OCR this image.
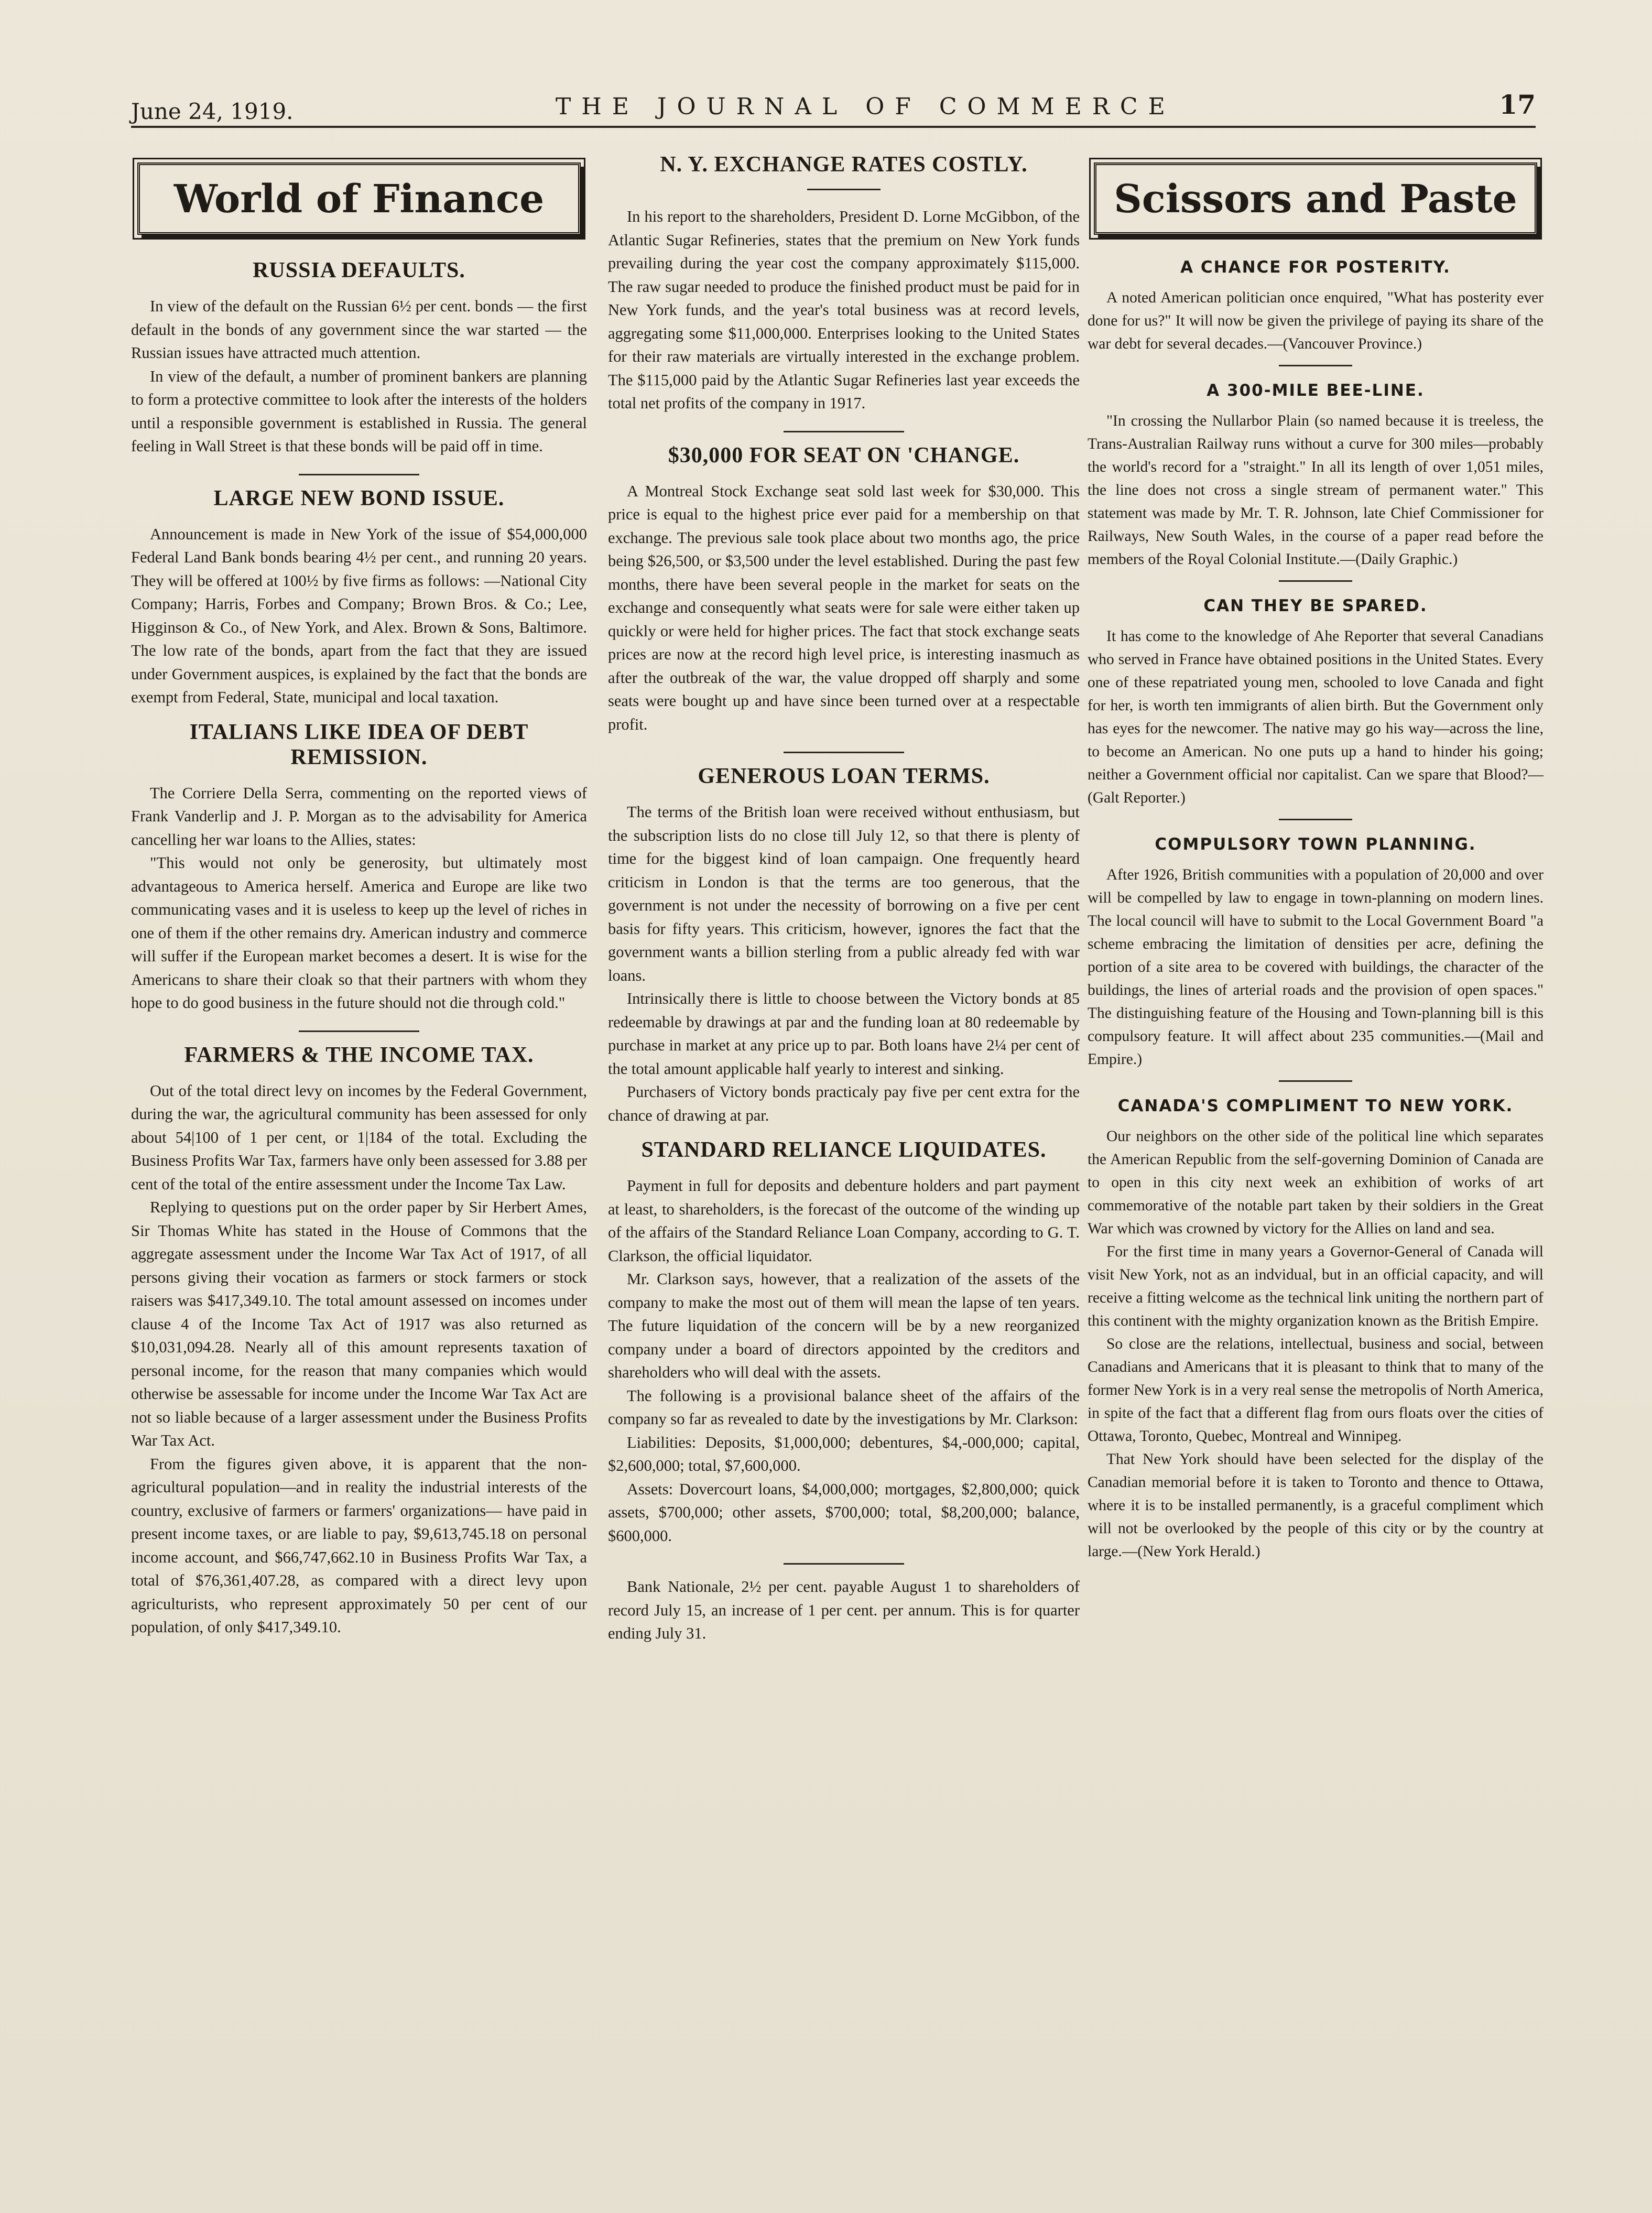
June 24, 1919.	THE JOURNAL OF COMMERCE	17
World of Finance
RUSSIA DEFAULTS.

In view of the default on the Russian 6½ per cent. bonds — the first default in the bonds of any government since the war started — the Russian issues have attracted much attention.

In view of the default, a number of prominent bankers are planning to form a protective committee to look after the interests of the holders until a responsible government is established in Russia. The general feeling in Wall Street is that these bonds will be paid off in time.

LARGE NEW BOND ISSUE.

Announcement is made in New York of the issue of $54,000,000 Federal Land Bank bonds bearing 4½ per cent., and running 20 years. They will be offered at 100½ by five firms as follows: —National City Company; Harris, Forbes and Company; Brown Bros. & Co.; Lee, Higginson & Co., of New York, and Alex. Brown & Sons, Baltimore. The low rate of the bonds, apart from the fact that they are issued under Government auspices, is explained by the fact that the bonds are exempt from Federal, State, municipal and local taxation.

ITALIANS LIKE IDEA OF DEBT REMISSION.

The Corriere Della Serra, commenting on the reported views of Frank Vanderlip and J. P. Morgan as to the advisability for America cancelling her war loans to the Allies, states:

"This would not only be generosity, but ultimately most advantageous to America herself. America and Europe are like two communicating vases and it is useless to keep up the level of riches in one of them if the other remains dry. American industry and commerce will suffer if the European market becomes a desert. It is wise for the Americans to share their cloak so that their partners with whom they hope to do good business in the future should not die through cold."

FARMERS & THE INCOME TAX.

Out of the total direct levy on incomes by the Federal Government, during the war, the agricultural community has been assessed for only about 54|100 of 1 per cent, or 1|184 of the total. Excluding the Business Profits War Tax, farmers have only been assessed for 3.88 per cent of the total of the entire assessment under the Income Tax Law.

Replying to questions put on the order paper by Sir Herbert Ames, Sir Thomas White has stated in the House of Commons that the aggregate assessment under the Income War Tax Act of 1917, of all persons giving their vocation as farmers or stock farmers or stock raisers was $417,349.10. The total amount assessed on incomes under clause 4 of the Income Tax Act of 1917 was also returned as $10,031,094.28. Nearly all of this amount represents taxation of personal income, for the reason that many companies which would otherwise be assessable for income under the Income War Tax Act are not so liable because of a larger assessment under the Business Profits War Tax Act.

From the figures given above, it is apparent that the non-agricultural population—and in reality the industrial interests of the country, exclusive of farmers or farmers' organizations— have paid in present income taxes, or are liable to pay, $9,613,745.18 on personal income account, and $66,747,662.10 in Business Profits War Tax, a total of $76,361,407.28, as compared with a direct levy upon agriculturists, who represent approximately 50 per cent of our population, of only $417,349.10.

N. Y. EXCHANGE RATES COSTLY.

In his report to the shareholders, President D. Lorne McGibbon, of the Atlantic Sugar Refineries, states that the premium on New York funds prevailing during the year cost the company approximately $115,000. The raw sugar needed to produce the finished product must be paid for in New York funds, and the year's total business was at record levels, aggregating some $11,000,000. Enterprises looking to the United States for their raw materials are virtually interested in the exchange problem. The $115,000 paid by the Atlantic Sugar Refineries last year exceeds the total net profits of the company in 1917.

$30,000 FOR SEAT ON 'CHANGE.

A Montreal Stock Exchange seat sold last week for $30,000. This price is equal to the highest price ever paid for a membership on that exchange. The previous sale took place about two months ago, the price being $26,500, or $3,500 under the level established. During the past few months, there have been several people in the market for seats on the exchange and consequently what seats were for sale were either taken up quickly or were held for higher prices. The fact that stock exchange seats prices are now at the record high level price, is interesting inasmuch as after the outbreak of the war, the value dropped off sharply and some seats were bought up and have since been turned over at a respectable profit.

GENEROUS LOAN TERMS.

The terms of the British loan were received without enthusiasm, but the subscription lists do no close till July 12, so that there is plenty of time for the biggest kind of loan campaign. One frequently heard criticism in London is that the terms are too generous, that the government is not under the necessity of borrowing on a five per cent basis for fifty years. This criticism, however, ignores the fact that the government wants a billion sterling from a public already fed with war loans.

Intrinsically there is little to choose between the Victory bonds at 85 redeemable by drawings at par and the funding loan at 80 redeemable by purchase in market at any price up to par. Both loans have 2¼ per cent of the total amount applicable half yearly to interest and sinking.

Purchasers of Victory bonds practicaly pay five per cent extra for the chance of drawing at par.

STANDARD RELIANCE LIQUIDATES.

Payment in full for deposits and debenture holders and part payment at least, to shareholders, is the forecast of the outcome of the winding up of the affairs of the Standard Reliance Loan Company, according to G. T. Clarkson, the official liquidator.

Mr. Clarkson says, however, that a realization of the assets of the company to make the most out of them will mean the lapse of ten years. The future liquidation of the concern will be by a new reorganized company under a board of directors appointed by the creditors and shareholders who will deal with the assets.

The following is a provisional balance sheet of the affairs of the company so far as revealed to date by the investigations by Mr. Clarkson:

Liabilities: Deposits, $1,000,000; debentures, $4,-000,000; capital, $2,600,000; total, $7,600,000.

Assets: Dovercourt loans, $4,000,000; mortgages, $2,800,000; quick assets, $700,000; other assets, $700,000; total, $8,200,000; balance, $600,000.

Bank Nationale, 2½ per cent. payable August 1 to shareholders of record July 15, an increase of 1 per cent. per annum. This is for quarter ending July 31.

Scissors and Paste
A CHANCE FOR POSTERITY.

A noted American politician once enquired, "What has posterity ever done for us?" It will now be given the privilege of paying its share of the war debt for several decades.—(Vancouver Province.)

A 300-MILE BEE-LINE.

"In crossing the Nullarbor Plain (so named because it is treeless, the Trans-Australian Railway runs without a curve for 300 miles—probably the world's record for a "straight." In all its length of over 1,051 miles, the line does not cross a single stream of permanent water." This statement was made by Mr. T. R. Johnson, late Chief Commissioner for Railways, New South Wales, in the course of a paper read before the members of the Royal Colonial Institute.—(Daily Graphic.)

CAN THEY BE SPARED.

It has come to the knowledge of Ahe Reporter that several Canadians who served in France have obtained positions in the United States. Every one of these repatriated young men, schooled to love Canada and fight for her, is worth ten immigrants of alien birth. But the Government only has eyes for the newcomer. The native may go his way—across the line, to become an American. No one puts up a hand to hinder his going; neither a Government official nor capitalist. Can we spare that Blood?—(Galt Reporter.)

COMPULSORY TOWN PLANNING.

After 1926, British communities with a population of 20,000 and over will be compelled by law to engage in town-planning on modern lines. The local council will have to submit to the Local Government Board "a scheme embracing the limitation of densities per acre, defining the portion of a site area to be covered with buildings, the character of the buildings, the lines of arterial roads and the provision of open spaces." The distinguishing feature of the Housing and Town-planning bill is this compulsory feature. It will affect about 235 communities.—(Mail and Empire.)

CANADA'S COMPLIMENT TO NEW YORK.

Our neighbors on the other side of the political line which separates the American Republic from the self-governing Dominion of Canada are to open in this city next week an exhibition of works of art commemorative of the notable part taken by their soldiers in the Great War which was crowned by victory for the Allies on land and sea.

For the first time in many years a Governor-General of Canada will visit New York, not as an indvidual, but in an official capacity, and will receive a fitting welcome as the technical link uniting the northern part of this continent with the mighty organization known as the British Empire.

So close are the relations, intellectual, business and social, between Canadians and Americans that it is pleasant to think that to many of the former New York is in a very real sense the metropolis of North America, in spite of the fact that a different flag from ours floats over the cities of Ottawa, Toronto, Quebec, Montreal and Winnipeg.

That New York should have been selected for the display of the Canadian memorial before it is taken to Toronto and thence to Ottawa, where it is to be installed permanently, is a graceful compliment which will not be overlooked by the people of this city or by the country at large.—(New York Herald.)
